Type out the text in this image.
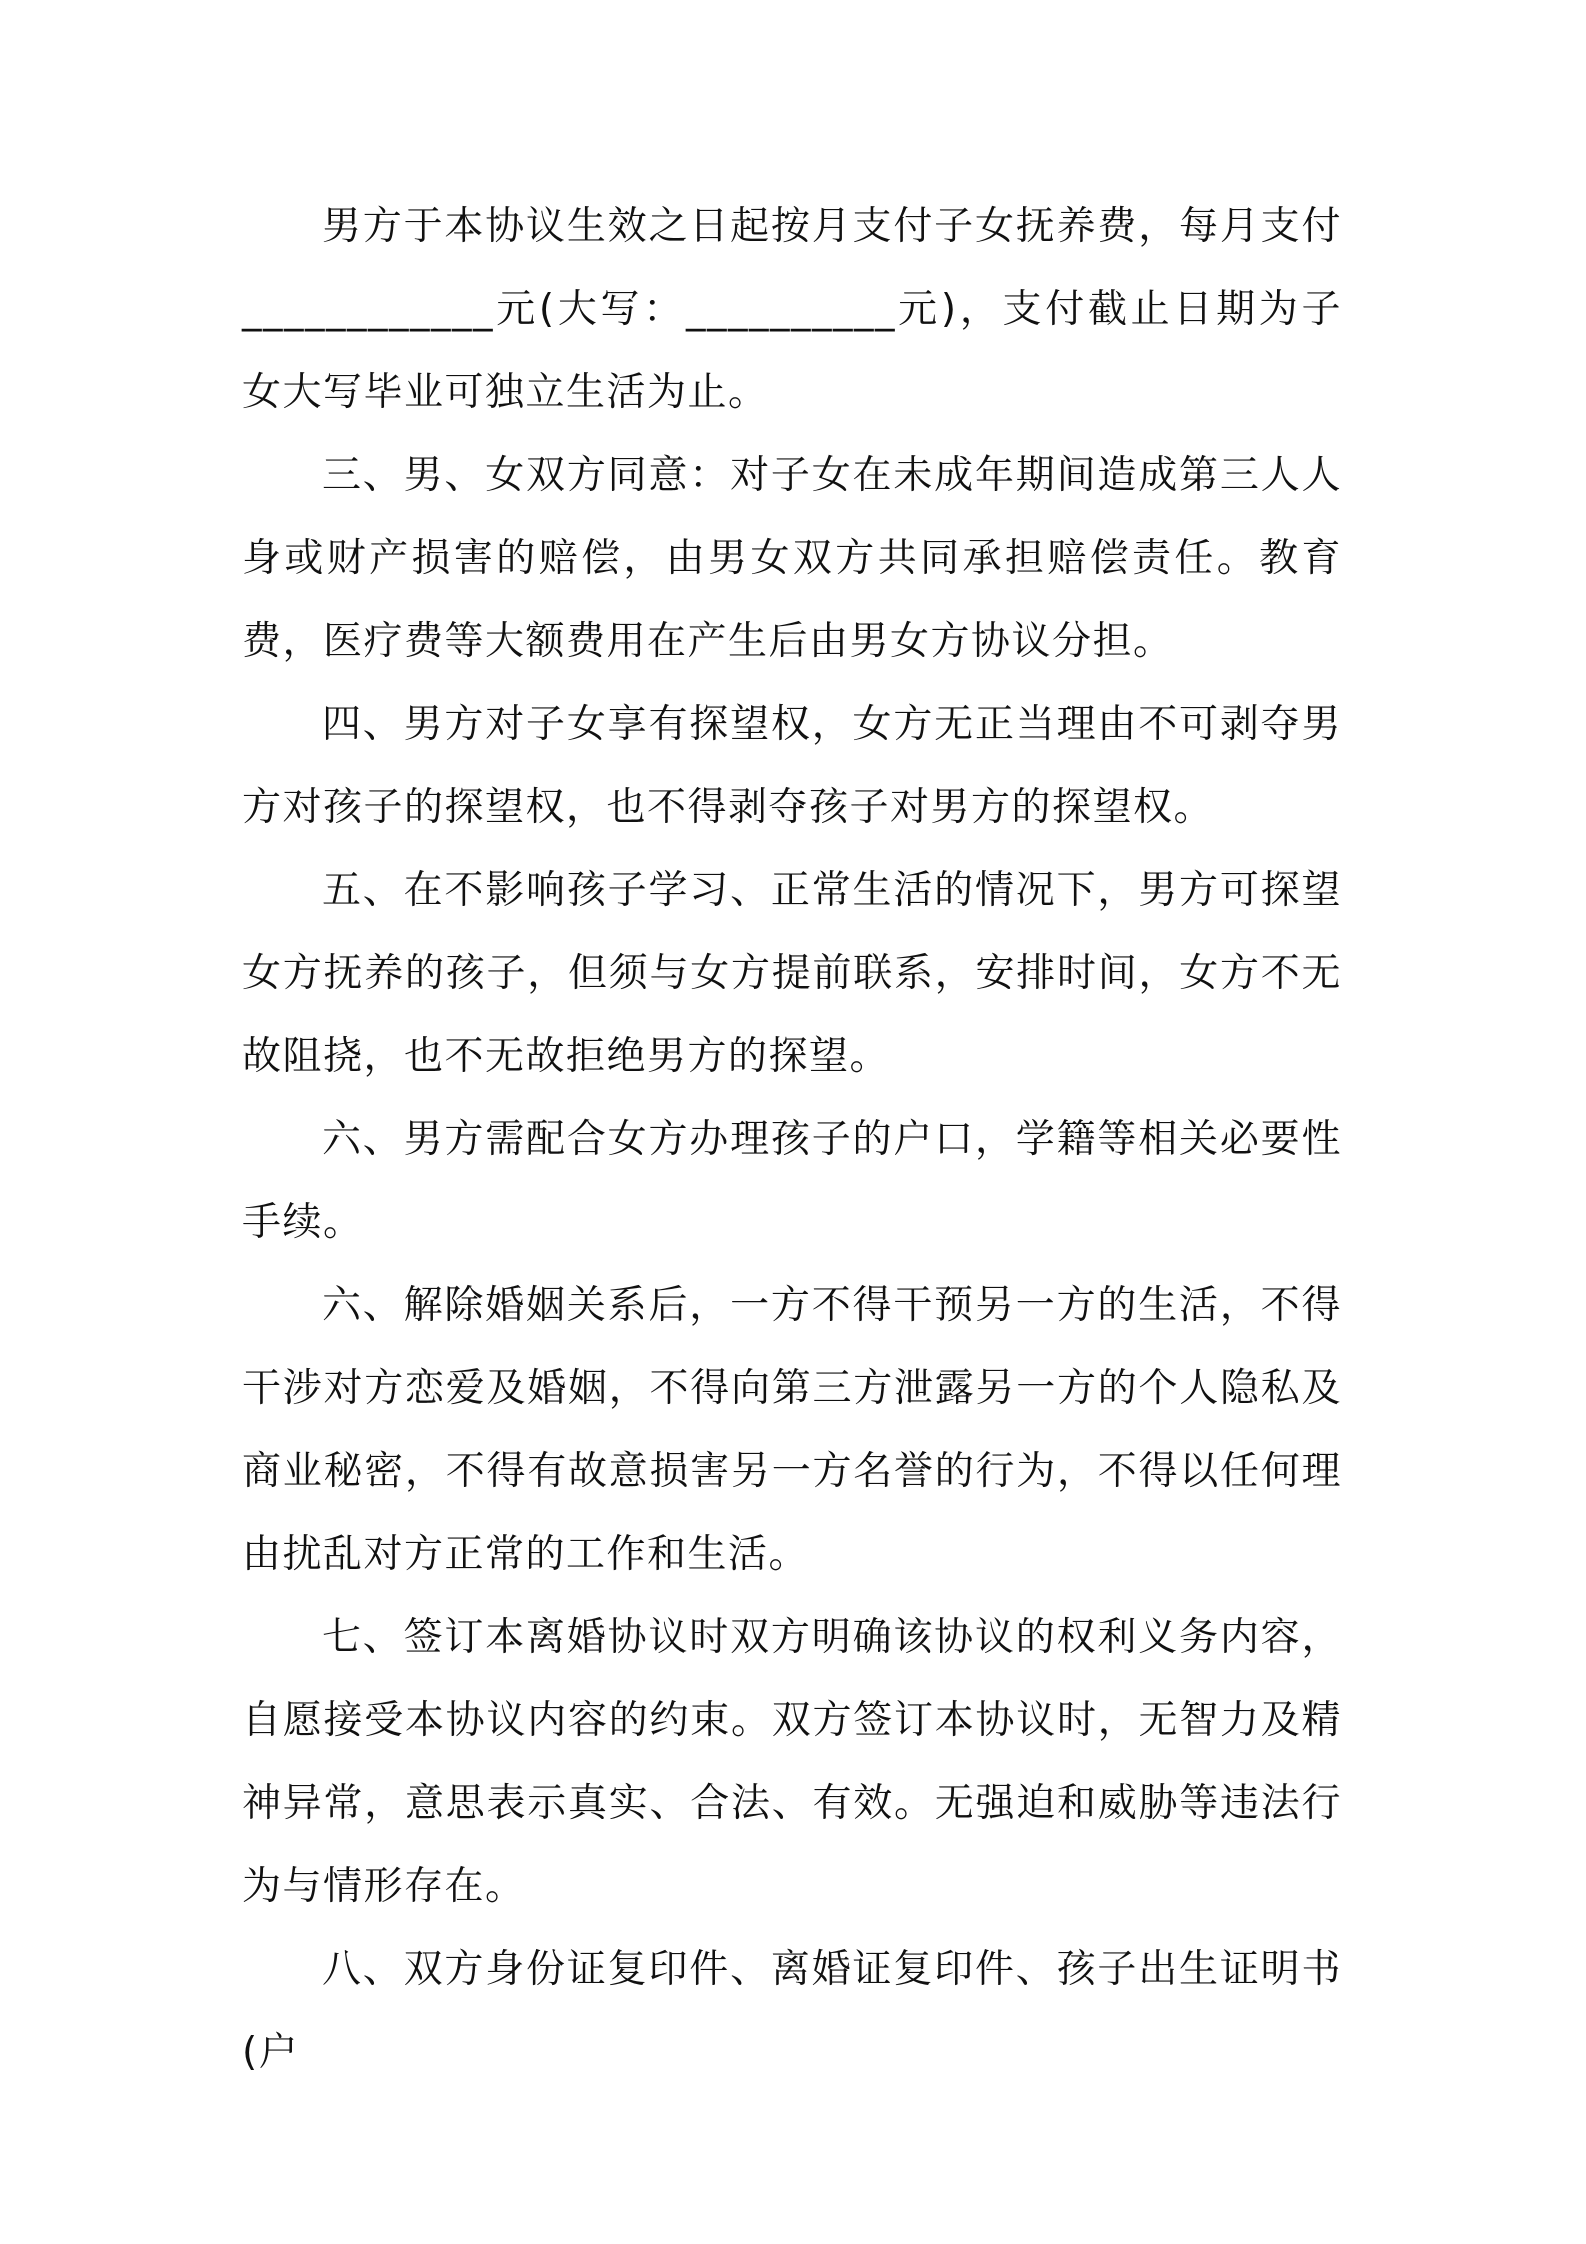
男方于本协议生效之日起按月支付子女抚养费，每月支付____________元(大写：__________元)，支付截止日期为子女大写毕业可独立生活为止。

三、男、女双方同意：对子女在未成年期间造成第三人人身或财产损害的赔偿，由男女双方共同承担赔偿责任。教育费，医疗费等大额费用在产生后由男女方协议分担。

四、男方对子女享有探望权，女方无正当理由不可剥夺男方对孩子的探望权，也不得剥夺孩子对男方的探望权。

五、在不影响孩子学习、正常生活的情况下，男方可探望女方抚养的孩子，但须与女方提前联系，安排时间，女方不无故阻挠，也不无故拒绝男方的探望。

六、男方需配合女方办理孩子的户口，学籍等相关必要性手续。

六、解除婚姻关系后，一方不得干预另一方的生活，不得干涉对方恋爱及婚姻，不得向第三方泄露另一方的个人隐私及商业秘密，不得有故意损害另一方名誉的行为，不得以任何理由扰乱对方正常的工作和生活。

七、签订本离婚协议时双方明确该协议的权利义务内容，自愿接受本协议内容的约束。双方签订本协议时，无智力及精神异常，意思表示真实、合法、有效。无强迫和威胁等违法行为与情形存在。

八、双方身份证复印件、离婚证复印件、孩子出生证明书(户
